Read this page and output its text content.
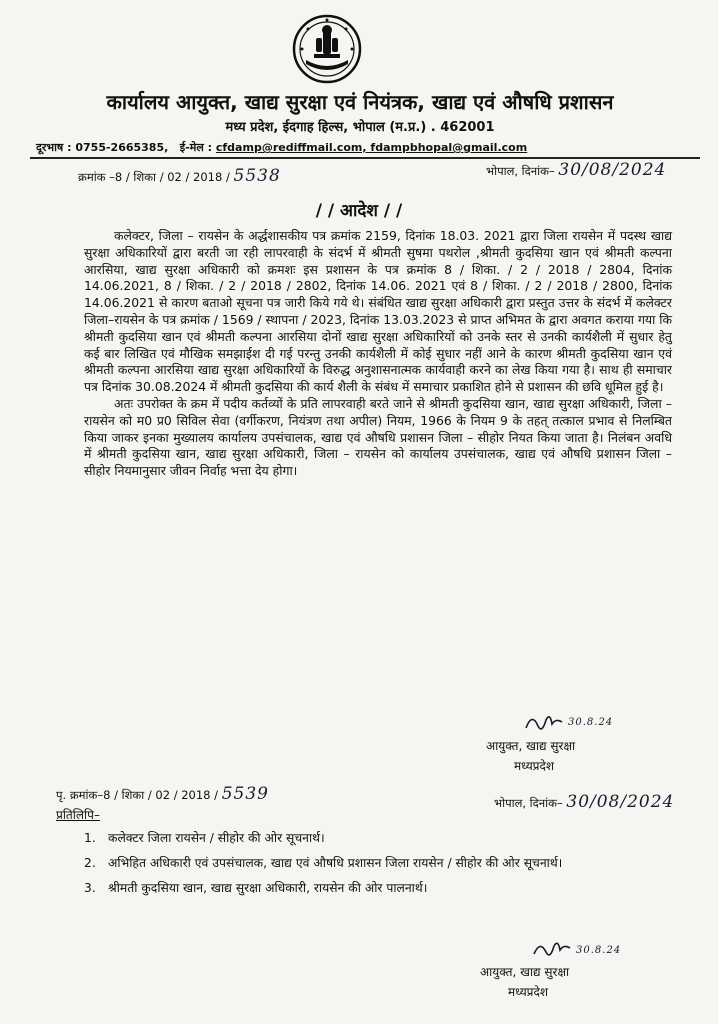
कार्यालय आयुक्त, खाद्य सुरक्षा एवं नियंत्रक, खाद्य एवं औषधि प्रशासन
मध्य प्रदेश, ईदगाह हिल्स, भोपाल (म.प्र.) . 462001
दूरभाष : 0755-2665385, ई-मेल : cfdamp@rediffmail.com, fdampbhopal@gmail.com
क्रमांक –8 / शिका / 02 / 2018 / 5538	भोपाल, दिनांक– 30/08/2024
/ / आदेश / /

कलेक्टर, जिला – रायसेन के अर्द्धशासकीय पत्र क्रमांक 2159, दिनांक 18.03. 2021 द्वारा जिला रायसेन में पदस्थ खाद्य सुरक्षा अधिकारियों द्वारा बरती जा रही लापरवाही के संदर्भ में श्रीमती सुषमा पथरोल ,श्रीमती कुदसिया खान एवं श्रीमती कल्पना आरसिया, खाद्य सुरक्षा अधिकारी को क्रमशः इस प्रशासन के पत्र क्रमांक 8 / शिका. / 2 / 2018 / 2804, दिनांक 14.06.2021, 8 / शिका. / 2 / 2018 / 2802, दिनांक 14.06. 2021 एवं 8 / शिका. / 2 / 2018 / 2800, दिनांक 14.06.2021 से कारण बताओ सूचना पत्र जारी किये गये थे। संबंधित खाद्य सुरक्षा अधिकारी द्वारा प्रस्तुत उत्तर के संदर्भ में कलेक्टर जिला–रायसेन के पत्र क्रमांक / 1569 / स्थापना / 2023, दिनांक 13.03.2023 से प्राप्त अभिमत के द्वारा अवगत कराया गया कि श्रीमती कुदसिया खान एवं श्रीमती कल्पना आरसिया दोनों खाद्य सुरक्षा अधिकारियों को उनके स्तर से उनकी कार्यशैली में सुधार हेतु कई बार लिखित एवं मौखिक समझाईश दी गई परन्तु उनकी कार्यशैली में कोई सुधार नहीं आने के कारण श्रीमती कुदसिया खान एवं श्रीमती कल्पना आरसिया खाद्य सुरक्षा अधिकारियों के विरुद्ध अनुशासनात्मक कार्यवाही करने का लेख किया गया है। साथ ही समाचार पत्र दिनांक 30.08.2024 में श्रीमती कुदसिया की कार्य शैली के संबंध में समाचार प्रकाशित होने से प्रशासन की छवि धूमिल हुई है।

अतः उपरोक्त के क्रम में पदीय कर्तव्यों के प्रति लापरवाही बरते जाने से श्रीमती कुदसिया खान, खाद्य सुरक्षा अधिकारी, जिला – रायसेन को म0 प्र0 सिविल सेवा (वर्गीकरण, नियंत्रण तथा अपील) नियम, 1966 के नियम 9 के तहत् तत्काल प्रभाव से निलम्बित किया जाकर इनका मुख्यालय कार्यालय उपसंचालक, खाद्य एवं औषधि प्रशासन जिला – सीहोर नियत किया जाता है। निलंबन अवधि में श्रीमती कुदसिया खान, खाद्य सुरक्षा अधिकारी, जिला – रायसेन को कार्यालय उपसंचालक, खाद्य एवं औषधि प्रशासन जिला – सीहोर नियमानुसार जीवन निर्वाह भत्ता देय होगा।

30.8.24
आयुक्त, खाद्य सुरक्षा
मध्यप्रदेश
पृ. क्रमांक–8 / शिका / 02 / 2018 / 5539	भोपाल, दिनांक– 30/08/2024
प्रतिलिपि–
1. कलेक्टर जिला रायसेन / सीहोर की ओर सूचनार्थ।
2. अभिहित अधिकारी एवं उपसंचालक, खाद्य एवं औषधि प्रशासन जिला रायसेन / सीहोर की ओर सूचनार्थ।
3. श्रीमती कुदसिया खान, खाद्य सुरक्षा अधिकारी, रायसेन की ओर पालनार्थ।
30.8.24
आयुक्त, खाद्य सुरक्षा
मध्यप्रदेश
